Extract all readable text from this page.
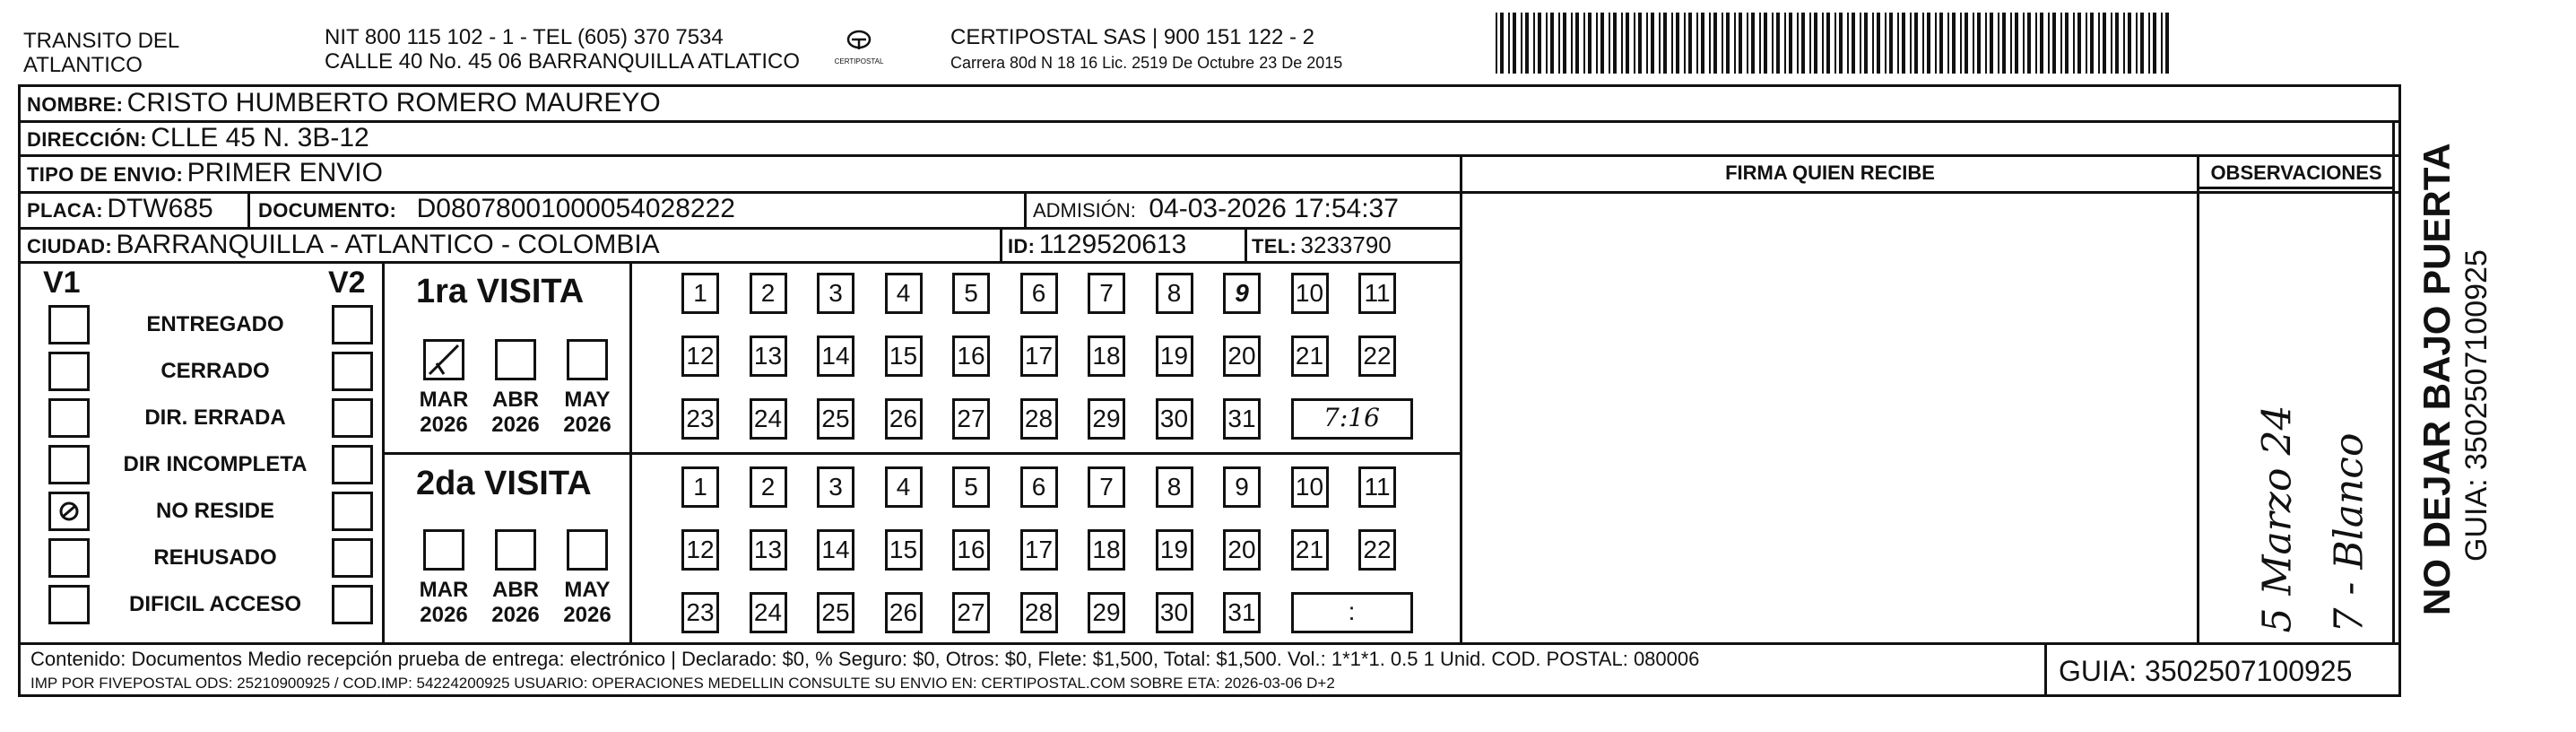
TRANSITO DEL
ATLANTICO
NIT 800 115 102 - 1 - TEL (605) 370 7534
CALLE 40 No. 45 06 BARRANQUILLA ATLATICO	CERTIPOSTAL
CERTIPOSTAL SAS | 900 151 122 - 2
Carrera 80d N 18 16 Lic. 2519 De Octubre 23 De 2015
NOMBRE: CRISTO HUMBERTO ROMERO MAUREYO
DIRECCIÓN: CLLE 45 N. 3B-12
TIPO DE ENVIO: PRIMER ENVIO	FIRMA QUIEN RECIBE	OBSERVACIONES
PLACA: DTW685 DOCUMENTO: D080780010000540282​22	ADMISIÓN: 04-03-2026 17:54:37
CIUDAD: BARRANQUILLA - ATLANTICO - COLOMBIA	ID: 1129520613	TEL: 3233790
V1	V2
ENTREGADO
CERRADO
DIR. ERRADA
DIR INCOMPLETA
NO RESIDE
REHUSADO
DIFICIL ACCESO
1ra VISITA
MAR
2026
ABR
2026
MAY
2026
1	2	3	4	5	6	7	8	9	10 11
12 13 14 15 16 17 18 19 20 21 22
23 24 25 26 27 28 29 30 31	7:16
2da VISITA
MAR
2026
ABR
2026
MAY
2026
1	2	3	4	5	6	7	8	9	10 11
12 13 14 15 16 17 18 19 20 21 22
23 24 25 26 27 28 29 30 31	:	5 Marzo 24 7 - Blanco
Contenido: Documentos Medio recepción prueba de entrega: electrónico | Declarado: $0, % Seguro: $0, Otros: $0, Flete: $1,500, Total: $1,500. Vol.: 1*1*1. 0.5 1 Unid. COD. POSTAL: 080006
IMP POR FIVEPOSTAL ODS: 25210900925 / COD.IMP: 54224200925 USUARIO: OPERACIONES MEDELLIN CONSULTE SU ENVIO EN: CERTIPOSTAL.COM SOBRE ETA: 2026-03-06 D+2	GUIA: 3502507100925
NO DEJAR BAJO PUERTA GUIA: 3502507100925
